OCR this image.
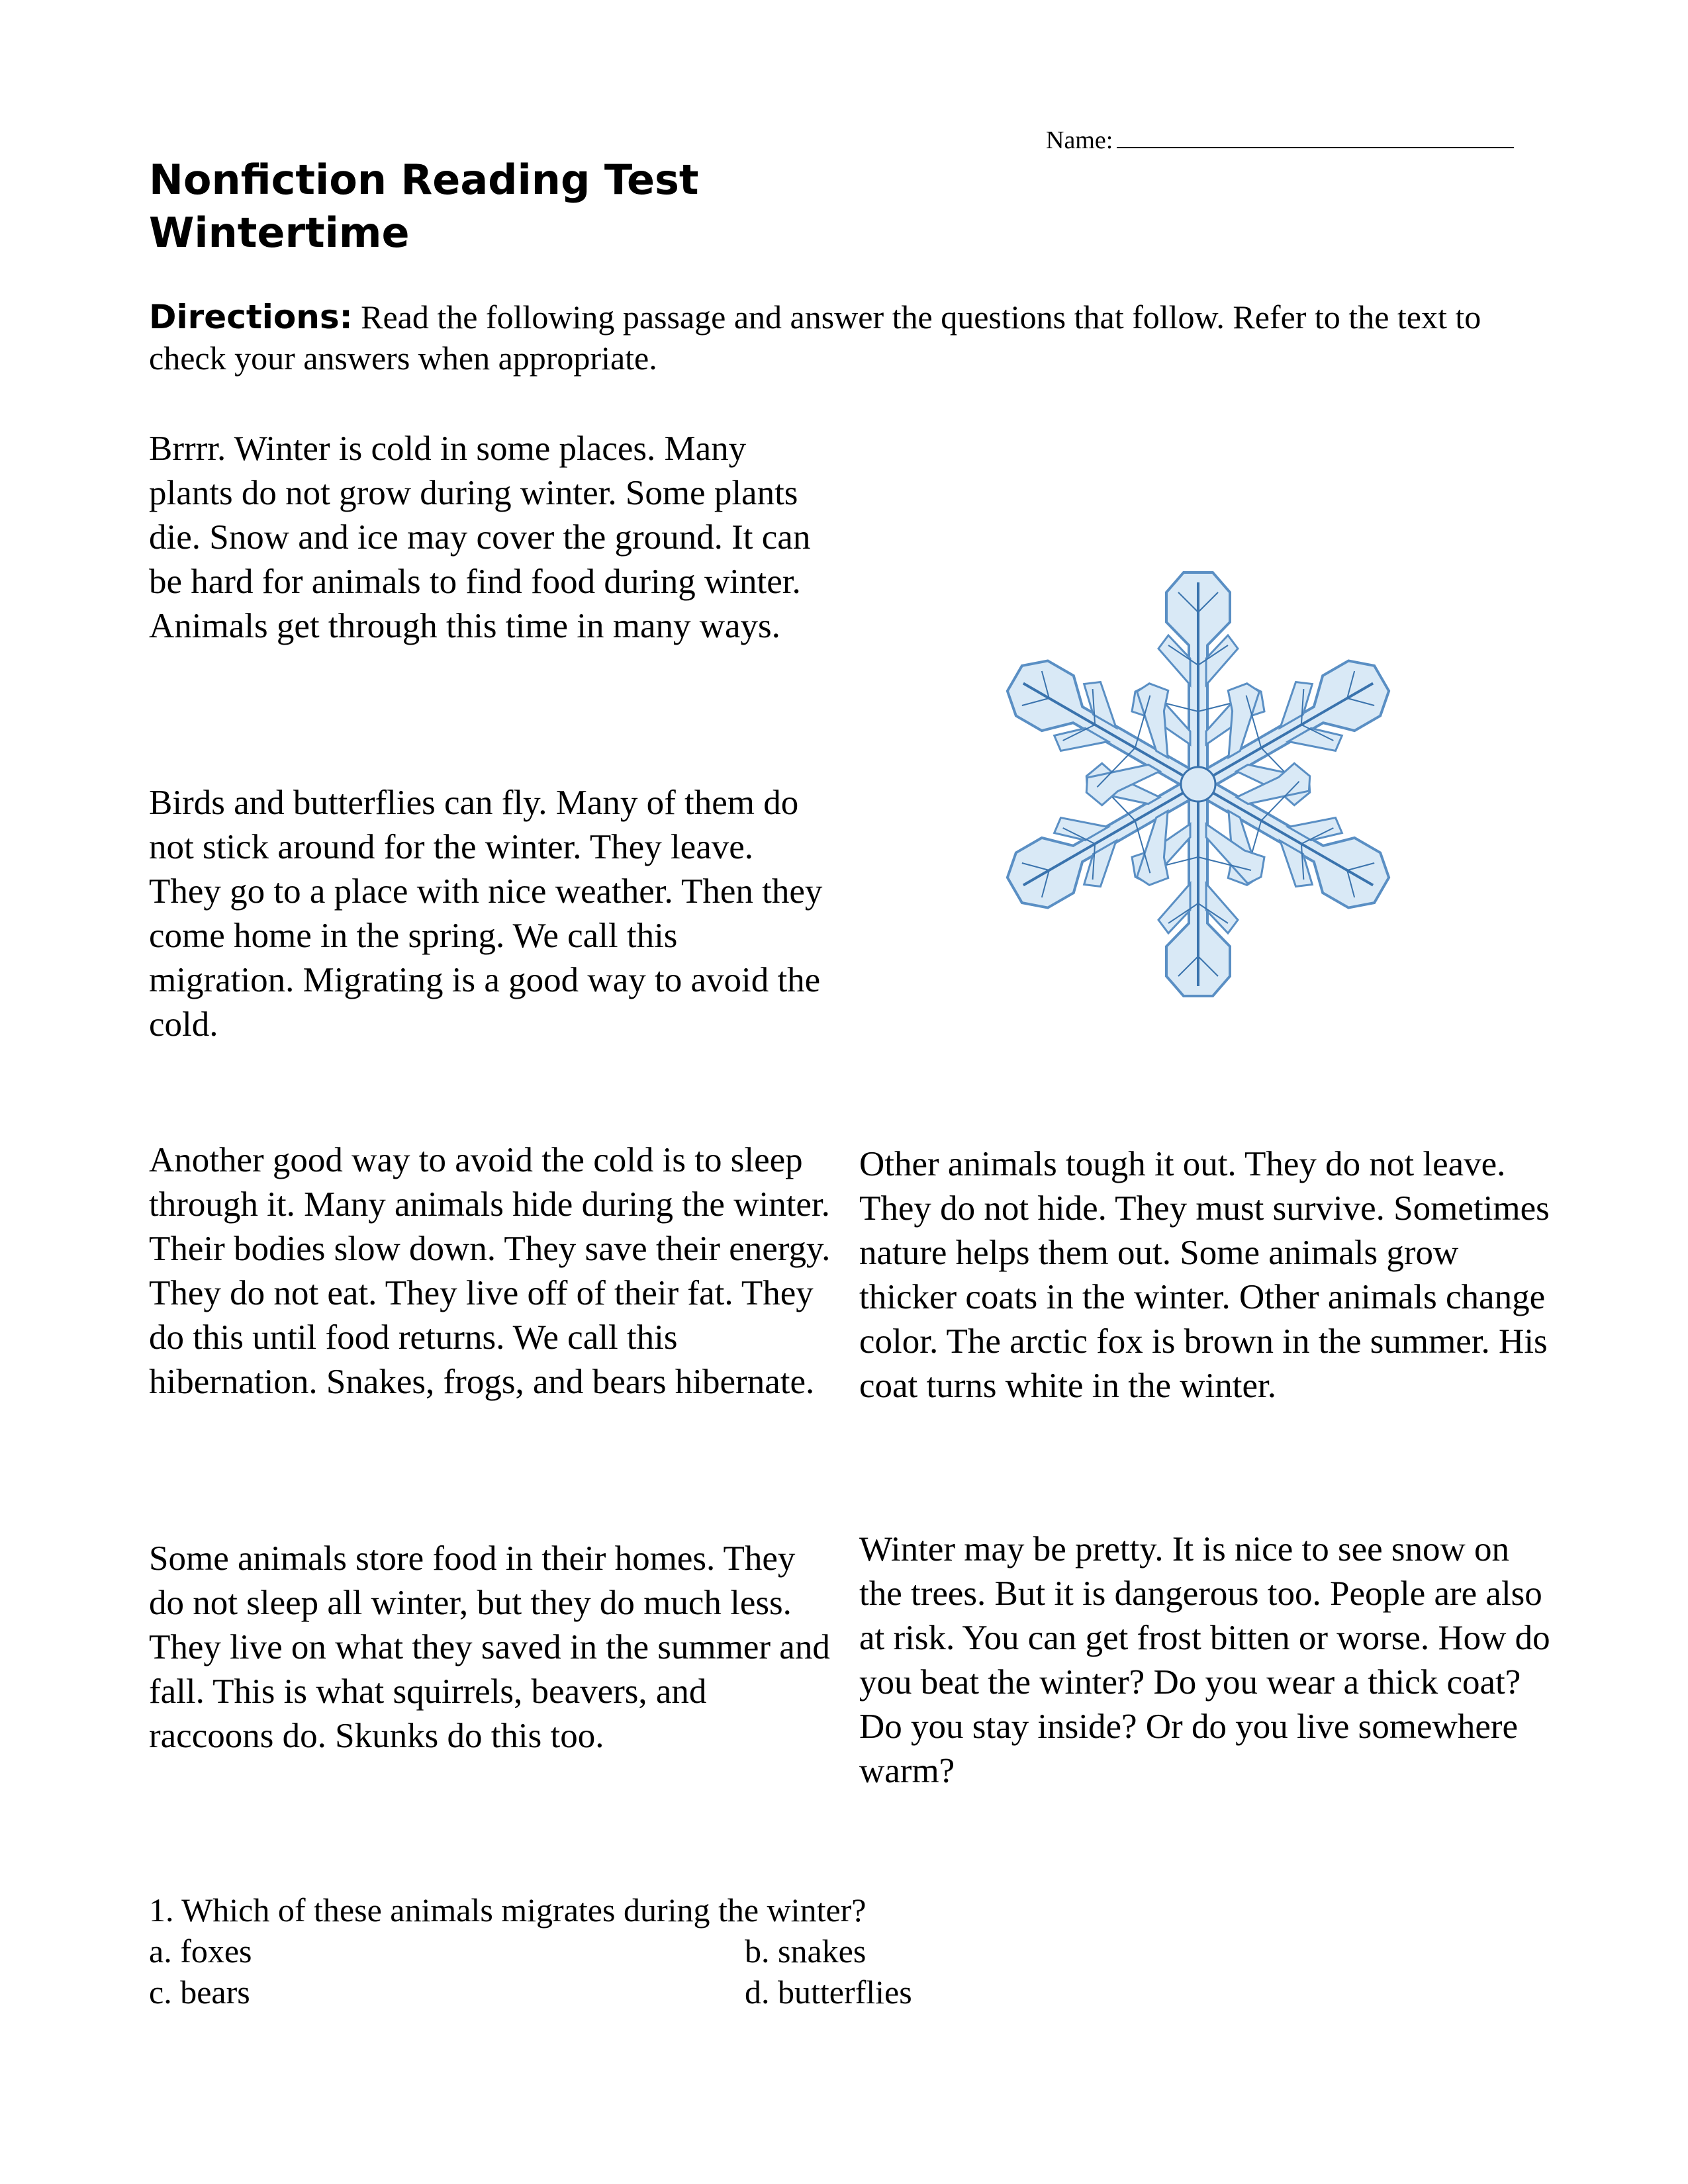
Name:
Nonfiction Reading Test
Wintertime
Directions: Read the following passage and answer the questions that follow. Refer to the text to check your answers when appropriate.

Brrrr. Winter is cold in some places. Many plants do not grow during winter. Some plants die. Snow and ice may cover the ground. It can be hard for animals to find food during winter. Animals get through this time in many ways.

Birds and butterflies can fly. Many of them do not stick around for the winter. They leave. They go to a place with nice weather. Then they come home in the spring. We call this migration. Migrating is a good way to avoid the cold.

Another good way to avoid the cold is to sleep through it. Many animals hide during the winter. Their bodies slow down. They save their energy. They do not eat. They live off of their fat. They do this until food returns. We call this hibernation. Snakes, frogs, and bears hibernate.

Other animals tough it out. They do not leave. They do not hide. They must survive. Sometimes nature helps them out. Some animals grow thicker coats in the winter. Other animals change color. The arctic fox is brown in the summer. His coat turns white in the winter.

Some animals store food in their homes. They do not sleep all winter, but they do much less. They live on what they saved in the summer and fall. This is what squirrels, beavers, and raccoons do. Skunks do this too.

Winter may be pretty. It is nice to see snow on the trees. But it is dangerous too. People are also at risk. You can get frost bitten or worse. How do you beat the winter? Do you wear a thick coat? Do you stay inside? Or do you live somewhere warm?

1. Which of these animals migrates during the winter?
a. foxes	b. snakes
c. bears	d. butterflies
